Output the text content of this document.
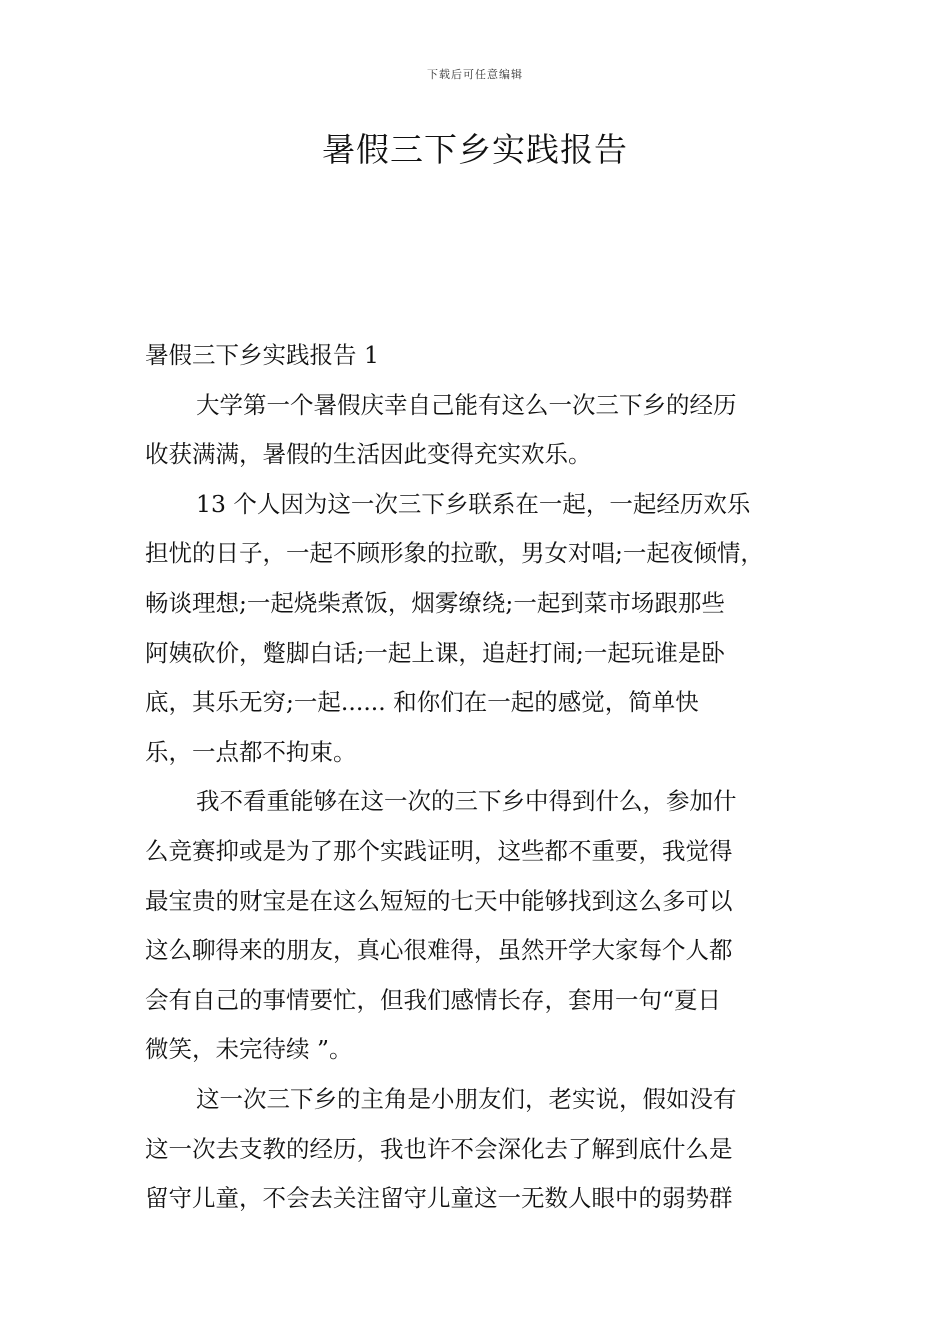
下载后可任意编辑
暑假三下乡实践报告

暑假三下乡实践报告 1

大学第一个暑假庆幸自己能有这么一次三下乡的经历
收获满满，暑假的生活因此变得充实欢乐。

13 个人因为这一次三下乡联系在一起，一起经历欢乐
担忧的日子，一起不顾形象的拉歌，男女对唱;一起夜倾情，
畅谈理想;一起烧柴煮饭，烟雾缭绕;一起到菜市场跟那些
阿姨砍价，蹩脚白话;一起上课，追赶打闹;一起玩谁是卧
底，其乐无穷;一起...... 和你们在一起的感觉，简单快
乐，一点都不拘束。

我不看重能够在这一次的三下乡中得到什么，参加什
么竞赛抑或是为了那个实践证明，这些都不重要，我觉得
最宝贵的财宝是在这么短短的七天中能够找到这么多可以
这么聊得来的朋友，真心很难得，虽然开学大家每个人都
会有自己的事情要忙，但我们感情长存，套用一句“夏日
微笑，未完待续 ”。

这一次三下乡的主角是小朋友们，老实说，假如没有
这一次去支教的经历，我也许不会深化去了解到底什么是
留守儿童，不会去关注留守儿童这一无数人眼中的弱势群
